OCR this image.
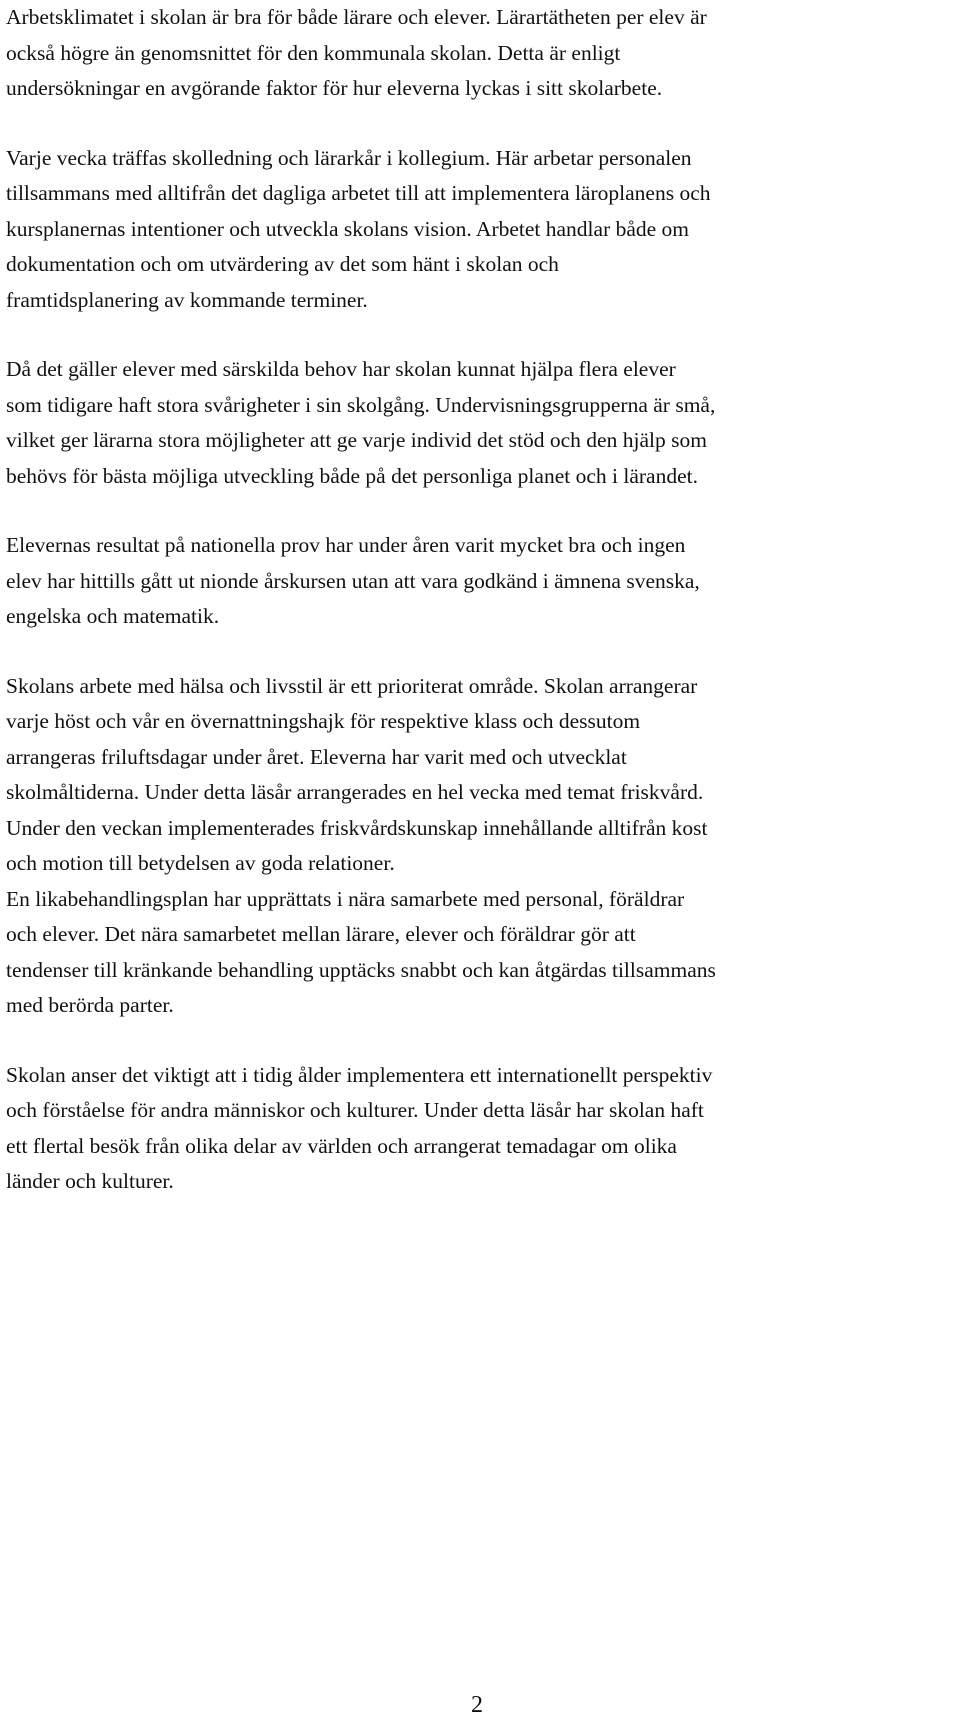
Arbetsklimatet i skolan är bra för både lärare och elever. Lärartätheten per elev är
också högre än genomsnittet för den kommunala skolan. Detta är enligt
undersökningar en avgörande faktor för hur eleverna lyckas i sitt skolarbete.
Varje vecka träffas skolledning och lärarkår i kollegium. Här arbetar personalen
tillsammans med alltifrån det dagliga arbetet till att implementera läroplanens och
kursplanernas intentioner och utveckla skolans vision. Arbetet handlar både om
dokumentation och om utvärdering av det som hänt i skolan och
framtidsplanering av kommande terminer.
Då det gäller elever med särskilda behov har skolan kunnat hjälpa flera elever
som tidigare haft stora svårigheter i sin skolgång. Undervisningsgrupperna är små,
vilket ger lärarna stora möjligheter att ge varje individ det stöd och den hjälp som
behövs för bästa möjliga utveckling både på det personliga planet och i lärandet.
Elevernas resultat på nationella prov har under åren varit mycket bra och ingen
elev har hittills gått ut nionde årskursen utan att vara godkänd i ämnena svenska,
engelska och matematik.
Skolans arbete med hälsa och livsstil är ett prioriterat område. Skolan arrangerar
varje höst och vår en övernattningshajk för respektive klass och dessutom
arrangeras friluftsdagar under året. Eleverna har varit med och utvecklat
skolmåltiderna. Under detta läsår arrangerades en hel vecka med temat friskvård.
Under den veckan implementerades friskvårdskunskap innehållande alltifrån kost
och motion till betydelsen av goda relationer.
En likabehandlingsplan har upprättats i nära samarbete med personal, föräldrar
och elever. Det nära samarbetet mellan lärare, elever och föräldrar gör att
tendenser till kränkande behandling upptäcks snabbt och kan åtgärdas tillsammans
med berörda parter.
Skolan anser det viktigt att i tidig ålder implementera ett internationellt perspektiv
och förståelse för andra människor och kulturer. Under detta läsår har skolan haft
ett flertal besök från olika delar av världen och arrangerat temadagar om olika
länder och kulturer.
2
